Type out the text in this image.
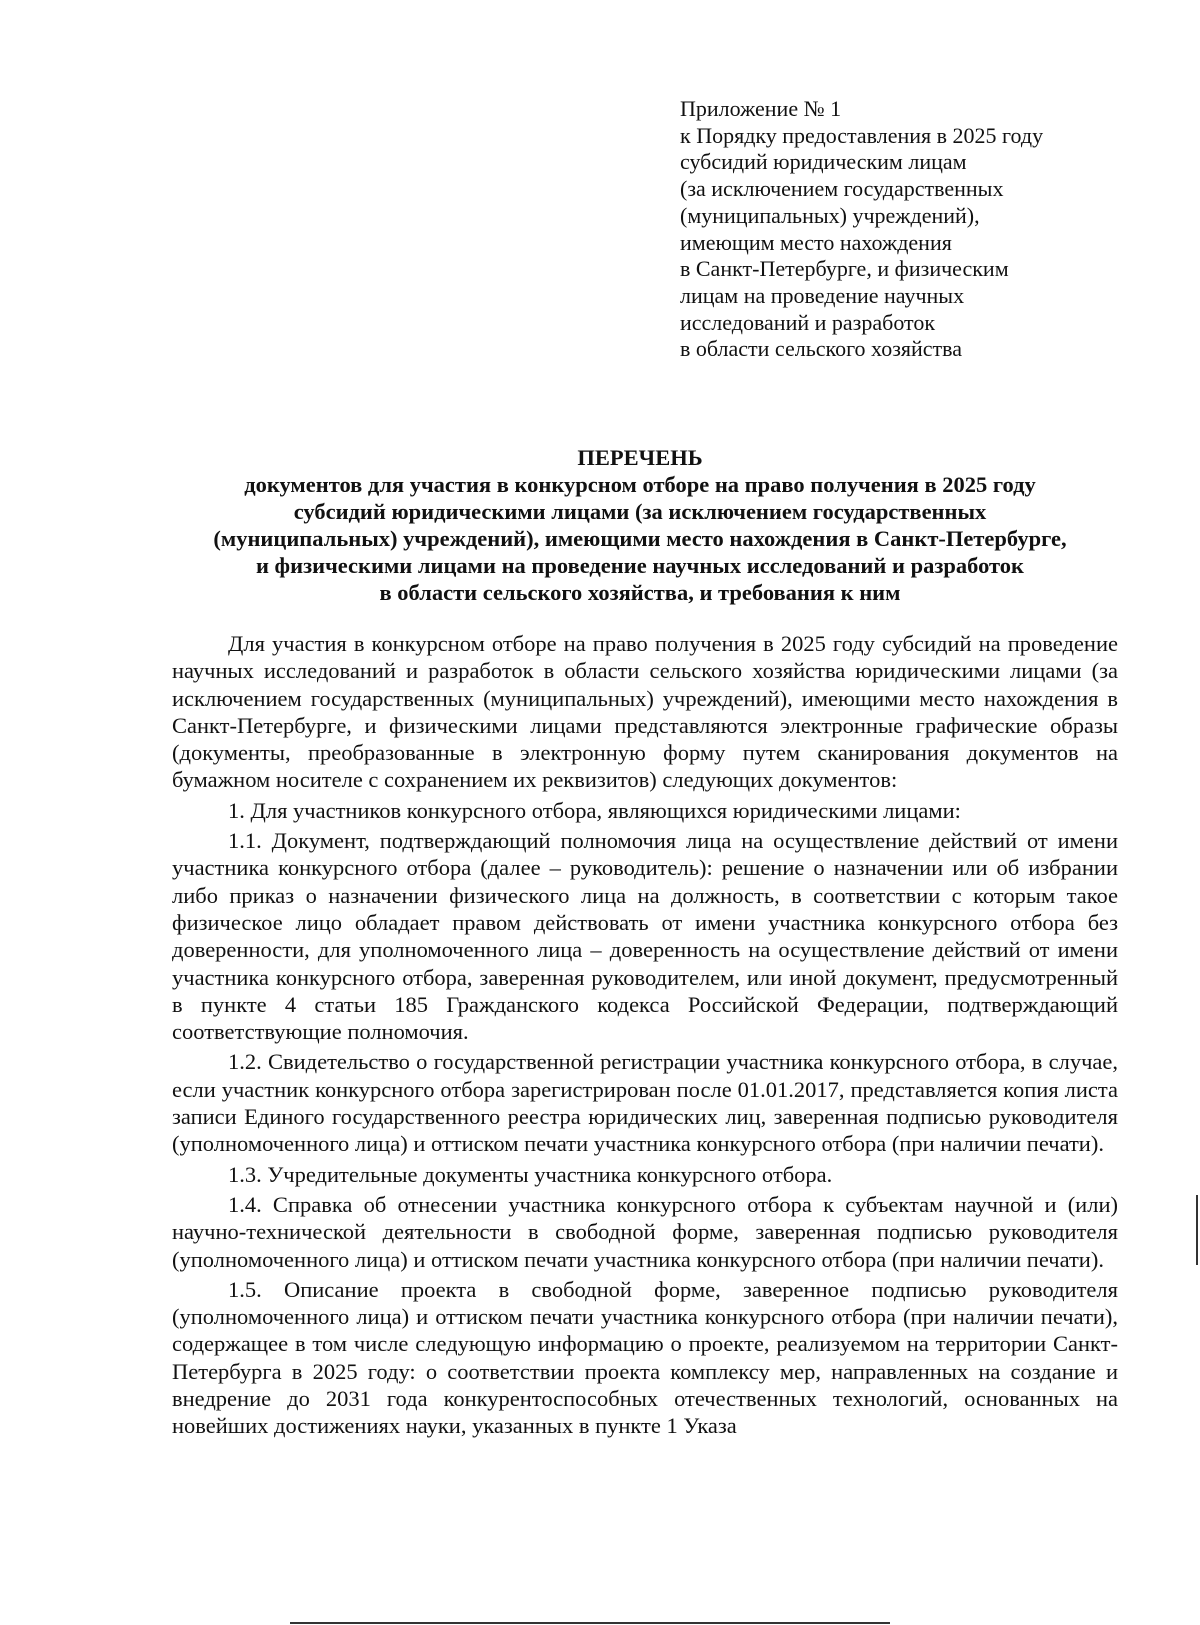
Приложение № 1
к Порядку предоставления в 2025 году
субсидий юридическим лицам
(за исключением государственных
(муниципальных) учреждений),
имеющим место нахождения
в Санкт-Петербурге, и физическим
лицам на проведение научных
исследований и разработок
в области сельского хозяйства
ПЕРЕЧЕНЬ
документов для участия в конкурсном отборе на право получения в 2025 году
субсидий юридическими лицами (за исключением государственных
(муниципальных) учреждений), имеющими место нахождения в Санкт-Петербурге,
и физическими лицами на проведение научных исследований и разработок
в области сельского хозяйства, и требования к ним

Для участия в конкурсном отборе на право получения в 2025 году субсидий на проведение научных исследований и разработок в области сельского хозяйства юридическими лицами (за исключением государственных (муниципальных) учреждений), имеющими место нахождения в Санкт-Петербурге, и физическими лицами представляются электронные графические образы (документы, преобразованные в электронную форму путем сканирования документов на бумажном носителе с сохранением их реквизитов) следующих документов:

1. Для участников конкурсного отбора, являющихся юридическими лицами:

1.1. Документ, подтверждающий полномочия лица на осуществление действий от имени участника конкурсного отбора (далее – руководитель): решение о назначении или об избрании либо приказ о назначении физического лица на должность, в соответствии с которым такое физическое лицо обладает правом действовать от имени участника конкурсного отбора без доверенности, для уполномоченного лица – доверенность на осуществление действий от имени участника конкурсного отбора, заверенная руководителем, или иной документ, предусмотренный в пункте 4 статьи 185 Гражданского кодекса Российской Федерации, подтверждающий соответствующие полномочия.

1.2. Свидетельство о государственной регистрации участника конкурсного отбора, в случае, если участник конкурсного отбора зарегистрирован после 01.01.2017, представляется копия листа записи Единого государственного реестра юридических лиц, заверенная подписью руководителя (уполномоченного лица) и оттиском печати участника конкурсного отбора (при наличии печати).

1.3. Учредительные документы участника конкурсного отбора.

1.4. Справка об отнесении участника конкурсного отбора к субъектам научной и (или) научно-технической деятельности в свободной форме, заверенная подписью руководителя (уполномоченного лица) и оттиском печати участника конкурсного отбора (при наличии печати).

1.5. Описание проекта в свободной форме, заверенное подписью руководителя (уполномоченного лица) и оттиском печати участника конкурсного отбора (при наличии печати), содержащее в том числе следующую информацию о проекте, реализуемом на территории Санкт-Петербурга в 2025 году: о соответствии проекта комплексу мер, направленных на создание и внедрение до 2031 года конкурентоспособных отечественных технологий, основанных на новейших достижениях науки, указанных в пункте 1 Указа
